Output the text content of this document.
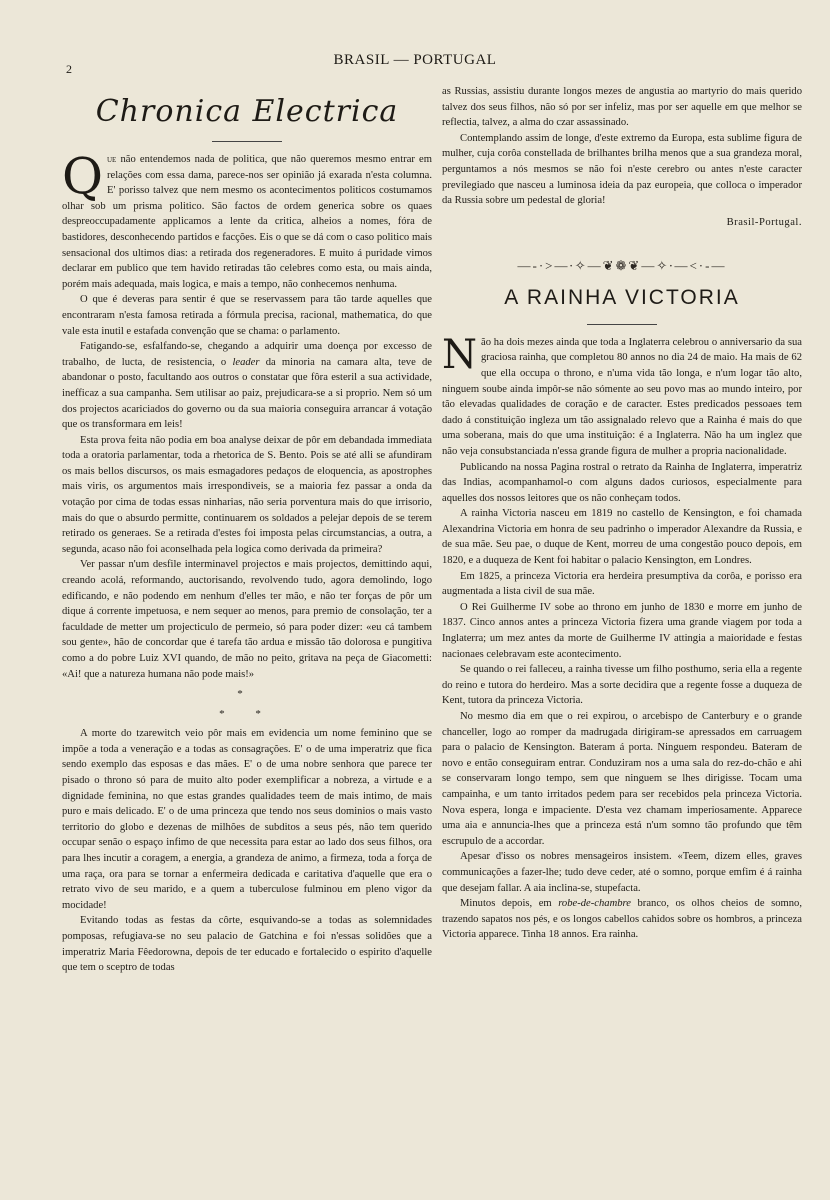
2
BRASIL — PORTUGAL
Chronica Electrica

Que não entendemos nada de politica, que não queremos mesmo entrar em relações com essa dama, parece-nos ser opinião já exarada n'esta columna. E' porisso talvez que nem mesmo os acontecimentos politicos costumamos olhar sob um prisma politico. São factos de ordem generica sobre os quaes despreoccupadamente applicamos a lente da critica, alheios a nomes, fóra de bastidores, desconhecendo partidos e facções. Eis o que se dá com o caso politico mais sensacional dos ultimos dias: a retirada dos regeneradores. E muito á puridade vimos declarar em publico que tem havido retiradas tão celebres como esta, ou mais ainda, porém mais adequada, mais logica, e mais a tempo, não conhecemos nenhuma.

O que é deveras para sentir é que se reservassem para tão tarde aquelles que encontraram n'esta famosa retirada a fórmula precisa, racional, mathematica, do que vale esta inutil e estafada convenção que se chama: o parlamento.

Fatigando-se, esfalfando-se, chegando a adquirir uma doença por excesso de trabalho, de lucta, de resistencia, o leader da minoria na camara alta, teve de abandonar o posto, facultando aos outros o constatar que fôra esteril a sua actividade, inefficaz a sua campanha. Sem utilisar ao paiz, prejudicara-se a si proprio. Nem só um dos projectos acariciados do governo ou da sua maioria conseguira arrancar á votação que os transformara em leis!

Esta prova feita não podia em boa analyse deixar de pôr em debandada immediata toda a oratoria parlamentar, toda a rhetorica de S. Bento. Pois se até alli se afundiram os mais bellos discursos, os mais esmagadores pedaços de eloquencia, as apostrophes mais viris, os argumentos mais irrespondiveis, se a maioria fez passar a onda da votação por cima de todas essas ninharias, não seria porventura mais do que irrisorio, mais do que o absurdo permitte, continuarem os soldados a pelejar depois de se terem retirado os generaes. Se a retirada d'estes foi imposta pelas circumstancias, a outra, a segunda, acaso não foi aconselhada pela logica como derivada da primeira?

Ver passar n'um desfile interminavel projectos e mais projectos, demittindo aqui, creando acolá, reformando, auctorisando, revolvendo tudo, agora demolindo, logo edificando, e não podendo em nenhum d'elles ter mão, e não ter forças de pôr um dique á corrente impetuosa, e nem sequer ao menos, para premio de consolação, ter a faculdade de metter um projecticulo de permeio, só para poder dizer: «eu cá tambem sou gente», hão de concordar que é tarefa tão ardua e missão tão dolorosa e pungitiva como a do pobre Luiz XVI quando, de mão no peito, gritava na peça de Giacometti: «Ai! que a natureza humana não pode mais!»

*
* *

A morte do tzarewitch veio pôr mais em evidencia um nome feminino que se impõe a toda a veneração e a todas as consagrações. E' o de uma imperatriz que fica sendo exemplo das esposas e das mães. E' o de uma nobre senhora que parece ter pisado o throno só para de muito alto poder exemplificar a nobreza, a virtude e a dignidade feminina, no que estas grandes qualidades teem de mais intimo, de mais puro e mais delicado. E' o de uma princeza que tendo nos seus dominios o mais vasto territorio do globo e dezenas de milhões de subditos a seus pés, não tem querido occupar senão o espaço infimo de que necessita para estar ao lado dos seus filhos, ora para lhes incutir a coragem, a energia, a grandeza de animo, a firmeza, toda a força de uma raça, ora para se tornar a enfermeira dedicada e caritativa d'aquelle que era o retrato vivo de seu marido, e a quem a tuberculose fulminou em pleno vigor da mocidade!

Evitando todas as festas da côrte, esquivando-se a todas as solemnidades pomposas, refugiava-se no seu palacio de Gatchina e foi n'essas solidões que a imperatriz Maria Fêedorowna, depois de ter educado e fortalecido o espirito d'aquelle que tem o sceptro de todas

as Russias, assistiu durante longos mezes de angustia ao martyrio do mais querido talvez dos seus filhos, não só por ser infeliz, mas por ser aquelle em que melhor se reflectia, talvez, a alma do czar assassinado.

Contemplando assim de longe, d'este extremo da Europa, esta sublime figura de mulher, cuja corôa constellada de brilhantes brilha menos que a sua grandeza moral, perguntamos a nós mesmos se não foi n'este cerebro ou antes n'este caracter previlegiado que nasceu a luminosa ideia da paz europeia, que colloca o imperador da Russia sobre um pedestal de gloria!

Brasil-Portugal.
—-·>—∙✧—❦❁❦—✧∙—<·-—
A RAINHA VICTORIA

Não ha dois mezes ainda que toda a Inglaterra celebrou o anniversario da sua graciosa rainha, que completou 80 annos no dia 24 de maio. Ha mais de 62 que ella occupa o throno, e n'uma vida tão longa, e n'um logar tão alto, ninguem soube ainda impôr-se não sómente ao seu povo mas ao mundo inteiro, por tão elevadas qualidades de coração e de caracter. Estes predicados pessoaes tem dado á constituição ingleza um tão assignalado relevo que a Rainha é mais do que uma soberana, mais do que uma instituição: é a Inglaterra. Não ha um inglez que não veja consubstanciada n'essa grande figura de mulher a propria nacionalidade.

Publicando na nossa Pagina rostral o retrato da Rainha de Inglaterra, imperatriz das Indias, acompanhamol-o com alguns dados curiosos, especialmente para aquelles dos nossos leitores que os não conheçam todos.

A rainha Victoria nasceu em 1819 no castello de Kensington, e foi chamada Alexandrina Victoria em honra de seu padrinho o imperador Alexandre da Russia, e de sua mãe. Seu pae, o duque de Kent, morreu de uma congestão pouco depois, em 1820, e a duqueza de Kent foi habitar o palacio Kensington, em Londres.

Em 1825, a princeza Victoria era herdeira presumptiva da corôa, e porisso era augmentada a lista civil de sua mãe.

O Rei Guilherme IV sobe ao throno em junho de 1830 e morre em junho de 1837. Cinco annos antes a princeza Victoria fizera uma grande viagem por toda a Inglaterra; um mez antes da morte de Guilherme IV attingia a maioridade e festas nacionaes celebravam este acontecimento.

Se quando o rei falleceu, a rainha tivesse um filho posthumo, seria ella a regente do reino e tutora do herdeiro. Mas a sorte decidira que a regente fosse a duqueza de Kent, tutora da princeza Victoria.

No mesmo dia em que o rei expirou, o arcebispo de Canterbury e o grande chanceller, logo ao romper da madrugada dirigiram-se apressados em carruagem para o palacio de Kensington. Bateram á porta. Ninguem respondeu. Bateram de novo e então conseguiram entrar. Conduziram nos a uma sala do rez-do-chão e ahi se conservaram longo tempo, sem que ninguem se lhes dirigisse. Tocam uma campainha, e um tanto irritados pedem para ser recebidos pela princeza Victoria. Nova espera, longa e impaciente. D'esta vez chamam imperiosamente. Apparece uma aia e annuncia-lhes que a princeza está n'um somno tão profundo que têm escrupulo de a accordar.

Apesar d'isso os nobres mensageiros insistem. «Teem, dizem elles, graves communicações a fazer-lhe; tudo deve ceder, até o somno, porque emfim é á rainha que desejam fallar. A aia inclina-se, stupefacta.

Minutos depois, em robe-de-chambre branco, os olhos cheios de somno, trazendo sapatos nos pés, e os longos cabellos cahidos sobre os hombros, a princeza Victoria apparece. Tinha 18 annos. Era rainha.
